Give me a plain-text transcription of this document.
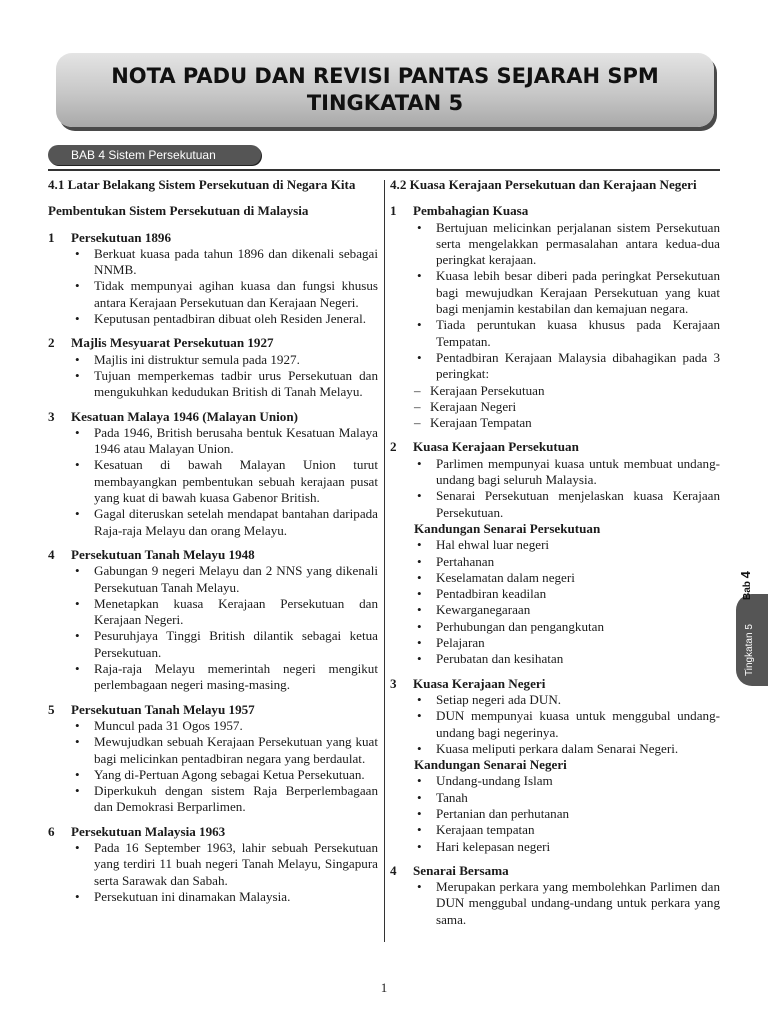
NOTA PADU DAN REVISI PANTAS SEJARAH SPM
TINGKATAN 5
BAB 4 Sistem Persekutuan
4.1 Latar Belakang Sistem Persekutuan di Negara Kita
Pembentukan Sistem Persekutuan di Malaysia
1	Persekutuan 1896
• Berkuat kuasa pada tahun 1896 dan dikenali sebagai NNMB.
• Tidak mempunyai agihan kuasa dan fungsi khusus antara Kerajaan Persekutuan dan Kerajaan Negeri.
• Keputusan pentadbiran dibuat oleh Residen Jeneral.
2	Majlis Mesyuarat Persekutuan 1927
• Majlis ini distruktur semula pada 1927.
• Tujuan memperkemas tadbir urus Persekutuan dan mengukuhkan kedudukan British di Tanah Melayu.
3	Kesatuan Malaya 1946 (Malayan Union)
• Pada 1946, British berusaha bentuk Kesatuan Malaya 1946 atau Malayan Union.
• Kesatuan di bawah Malayan Union turut membayangkan pembentukan sebuah kerajaan pusat yang kuat di bawah kuasa Gabenor British.
• Gagal diteruskan setelah mendapat bantahan daripada Raja-raja Melayu dan orang Melayu.
4	Persekutuan Tanah Melayu 1948
• Gabungan 9 negeri Melayu dan 2 NNS yang dikenali Persekutuan Tanah Melayu.
• Menetapkan kuasa Kerajaan Persekutuan dan Kerajaan Negeri.
• Pesuruhjaya Tinggi British dilantik sebagai ketua Persekutuan.
• Raja-raja Melayu memerintah negeri mengikut perlembagaan negeri masing-masing.
5	Persekutuan Tanah Melayu 1957
• Muncul pada 31 Ogos 1957.
• Mewujudkan sebuah Kerajaan Persekutuan yang kuat bagi melicinkan pentadbiran negara yang berdaulat.
• Yang di-Pertuan Agong sebagai Ketua Persekutuan.
• Diperkukuh dengan sistem Raja Berperlembagaan dan Demokrasi Berparlimen.
6	Persekutuan Malaysia 1963
• Pada 16 September 1963, lahir sebuah Persekutuan yang terdiri 11 buah negeri Tanah Melayu, Singapura serta Sarawak dan Sabah.
• Persekutuan ini dinamakan Malaysia.
4.2 Kuasa Kerajaan Persekutuan dan Kerajaan Negeri
1	Pembahagian Kuasa
• Bertujuan melicinkan perjalanan sistem Persekutuan serta mengelakkan permasalahan antara kedua-dua peringkat kerajaan.
• Kuasa lebih besar diberi pada peringkat Persekutuan bagi mewujudkan Kerajaan Persekutuan yang kuat bagi menjamin kestabilan dan kemajuan negara.
• Tiada peruntukan kuasa khusus pada Kerajaan Tempatan.
• Pentadbiran Kerajaan Malaysia dibahagikan pada 3 peringkat:
– Kerajaan Persekutuan
– Kerajaan Negeri
– Kerajaan Tempatan
2	Kuasa Kerajaan Persekutuan
• Parlimen mempunyai kuasa untuk membuat undang-undang bagi seluruh Malaysia.
• Senarai Persekutuan menjelaskan kuasa Kerajaan Persekutuan.
Kandungan Senarai Persekutuan
• Hal ehwal luar negeri
• Pertahanan
• Keselamatan dalam negeri
• Pentadbiran keadilan
• Kewarganegaraan
• Perhubungan dan pengangkutan
• Pelajaran
• Perubatan dan kesihatan
3	Kuasa Kerajaan Negeri
• Setiap negeri ada DUN.
• DUN mempunyai kuasa untuk menggubal undang-undang bagi negerinya.
• Kuasa meliputi perkara dalam Senarai Negeri.
Kandungan Senarai Negeri
• Undang-undang Islam
• Tanah
• Pertanian dan perhutanan
• Kerajaan tempatan
• Hari kelepasan negeri
4	Senarai Bersama
• Merupakan perkara yang membolehkan Parlimen dan DUN menggubal undang-undang untuk perkara yang sama.
Bab 4
Tingkatan 5
1
